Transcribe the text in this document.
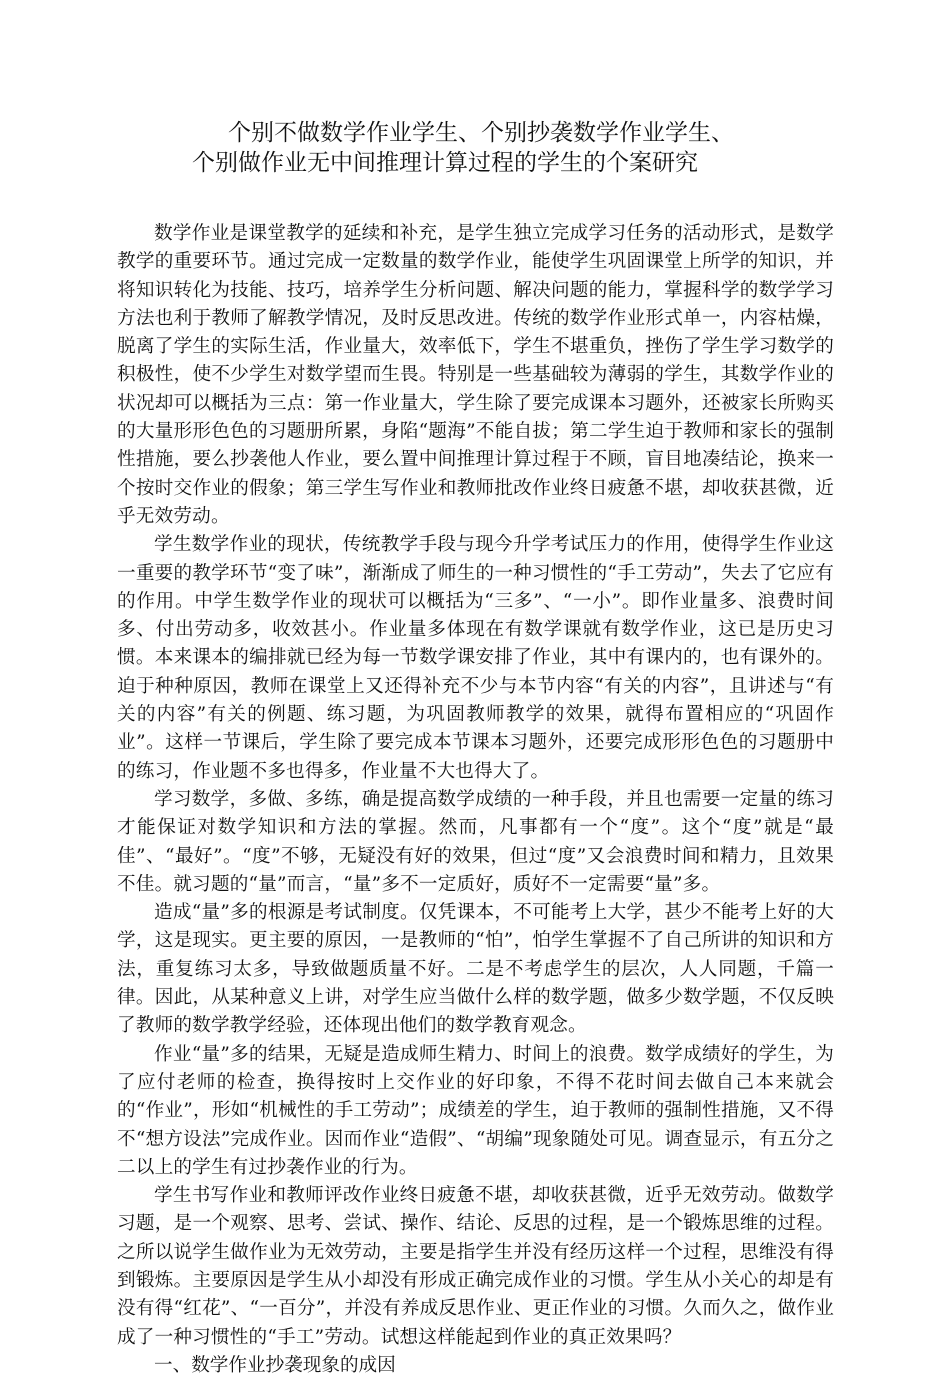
个别不做数学作业学生、个别抄袭数学作业学生、
个别做作业无中间推理计算过程的学生的个案研究

数学作业是课堂教学的延续和补充，是学生独立完成学习任务的活动形式，是数学教学的重要环节。通过完成一定数量的数学作业，能使学生巩固课堂上所学的知识，并将知识转化为技能、技巧，培养学生分析问题、解决问题的能力，掌握科学的数学学习方法也利于教师了解教学情况，及时反思改进。传统的数学作业形式单一，内容枯燥，脱离了学生的实际生活，作业量大，效率低下，学生不堪重负，挫伤了学生学习数学的积极性，使不少学生对数学望而生畏。特别是一些基础较为薄弱的学生，其数学作业的状况却可以概括为三点：第一作业量大，学生除了要完成课本习题外，还被家长所购买的大量形形色色的习题册所累，身陷“题海”不能自拔；第二学生迫于教师和家长的强制性措施，要么抄袭他人作业，要么置中间推理计算过程于不顾，盲目地凑结论，换来一个按时交作业的假象；第三学生写作业和教师批改作业终日疲惫不堪，却收获甚微，近乎无效劳动。

学生数学作业的现状，传统教学手段与现今升学考试压力的作用，使得学生作业这一重要的教学环节“变了味”，渐渐成了师生的一种习惯性的“手工劳动”，失去了它应有的作用。中学生数学作业的现状可以概括为“三多”、“一小”。即作业量多、浪费时间多、付出劳动多，收效甚小。作业量多体现在有数学课就有数学作业，这已是历史习惯。本来课本的编排就已经为每一节数学课安排了作业，其中有课内的，也有课外的。迫于种种原因，教师在课堂上又还得补充不少与本节内容“有关的内容”，且讲述与“有关的内容”有关的例题、练习题，为巩固教师教学的效果，就得布置相应的“巩固作业”。这样一节课后，学生除了要完成本节课本习题外，还要完成形形色色的习题册中的练习，作业题不多也得多，作业量不大也得大了。

学习数学，多做、多练，确是提高数学成绩的一种手段，并且也需要一定量的练习才能保证对数学知识和方法的掌握。然而，凡事都有一个“度”。这个“度”就是“最佳”、“最好”。“度”不够，无疑没有好的效果，但过“度”又会浪费时间和精力，且效果不佳。就习题的“量”而言，“量”多不一定质好，质好不一定需要“量”多。

造成“量”多的根源是考试制度。仅凭课本，不可能考上大学，甚少不能考上好的大学，这是现实。更主要的原因，一是教师的“怕”，怕学生掌握不了自己所讲的知识和方法，重复练习太多，导致做题质量不好。二是不考虑学生的层次，人人同题，千篇一律。因此，从某种意义上讲，对学生应当做什么样的数学题，做多少数学题，不仅反映了教师的数学教学经验，还体现出他们的数学教育观念。

作业“量”多的结果，无疑是造成师生精力、时间上的浪费。数学成绩好的学生，为了应付老师的检查，换得按时上交作业的好印象，不得不花时间去做自己本来就会的“作业”，形如“机械性的手工劳动”；成绩差的学生，迫于教师的强制性措施，又不得不“想方设法”完成作业。因而作业“造假”、“胡编”现象随处可见。调查显示，有五分之二以上的学生有过抄袭作业的行为。

学生书写作业和教师评改作业终日疲惫不堪，却收获甚微，近乎无效劳动。做数学习题，是一个观察、思考、尝试、操作、结论、反思的过程，是一个锻炼思维的过程。之所以说学生做作业为无效劳动，主要是指学生并没有经历这样一个过程，思维没有得到锻炼。主要原因是学生从小却没有形成正确完成作业的习惯。学生从小关心的却是有没有得“红花”、“一百分”，并没有养成反思作业、更正作业的习惯。久而久之，做作业成了一种习惯性的“手工”劳动。试想这样能起到作业的真正效果吗？

一、数学作业抄袭现象的成因
